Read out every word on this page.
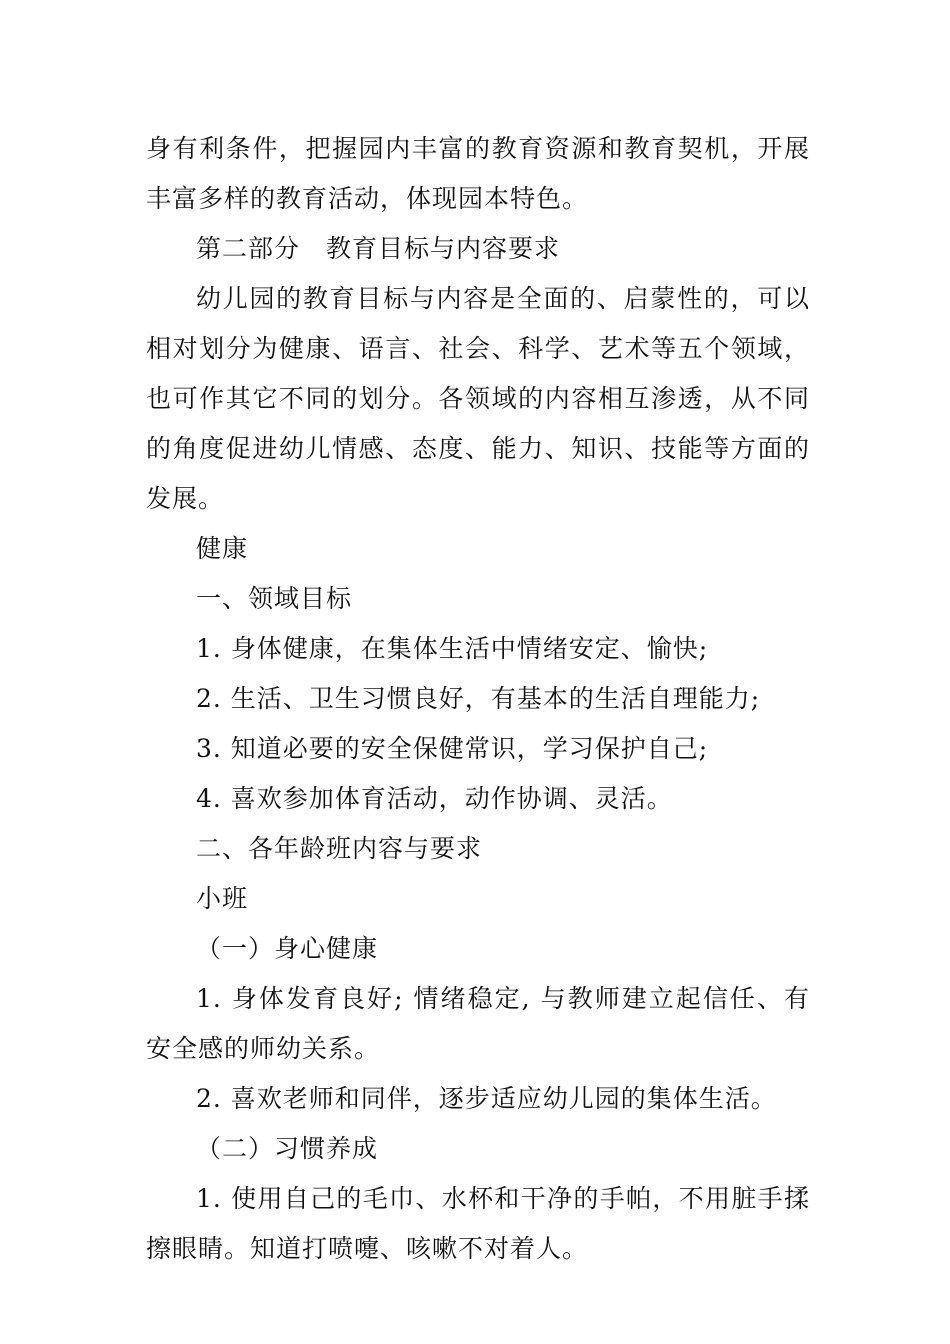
身有利条件，把握园内丰富的教育资源和教育契机，开展丰富多样的教育活动，体现园本特色。

第二部分　教育目标与内容要求

幼儿园的教育目标与内容是全面的、启蒙性的，可以相对划分为健康、语言、社会、科学、艺术等五个领域，也可作其它不同的划分。各领域的内容相互渗透，从不同的角度促进幼儿情感、态度、能力、知识、技能等方面的发展。

健康

一、领域目标

1. 身体健康，在集体生活中情绪安定、愉快;

2. 生活、卫生习惯良好，有基本的生活自理能力;

3. 知道必要的安全保健常识，学习保护自己;

4. 喜欢参加体育活动，动作协调、灵活。

二、各年龄班内容与要求

小班

（一）身心健康

1. 身体发育良好; 情绪稳定, 与教师建立起信任、有安全感的师幼关系。

2. 喜欢老师和同伴，逐步适应幼儿园的集体生活。

（二）习惯养成

1. 使用自己的毛巾、水杯和干净的手帕，不用脏手揉擦眼睛。知道打喷嚏、咳嗽不对着人。
